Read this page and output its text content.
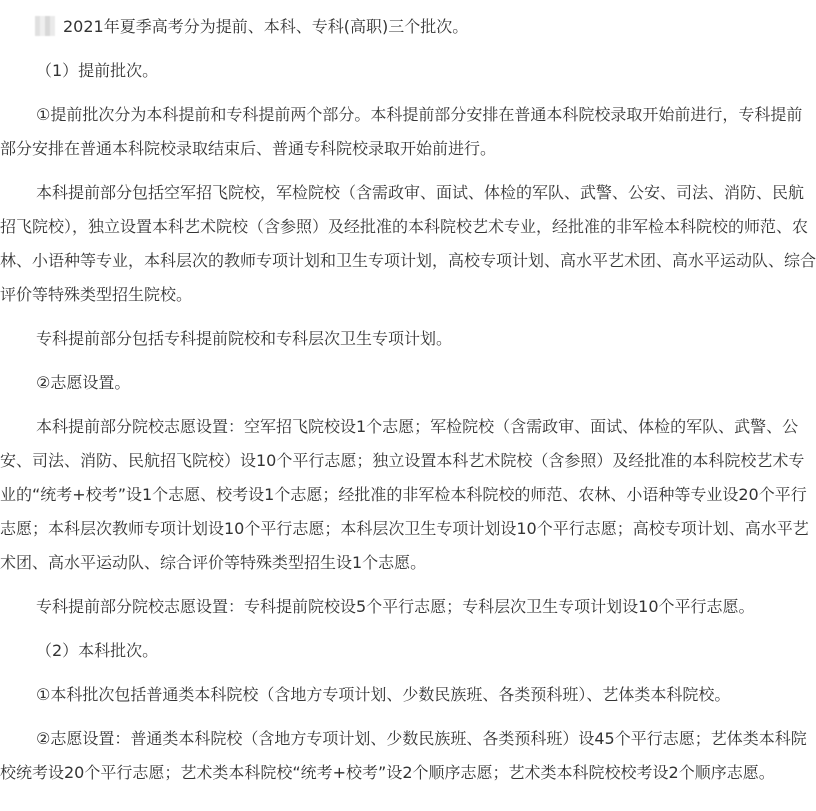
2021年夏季高考分为提前、本科、专科(高职)三个批次。

（1）提前批次。

①提前批次分为本科提前和专科提前两个部分。本科提前部分安排在普通本科院校录取开始前进行，专科提前部分安排在普通本科院校录取结束后、普通专科院校录取开始前进行。

本科提前部分包括空军招飞院校，军检院校（含需政审、面试、体检的军队、武警、公安、司法、消防、民航招飞院校），独立设置本科艺术院校（含参照）及经批准的本科院校艺术专业，经批准的非军检本科院校的师范、农林、小语种等专业，本科层次的教师专项计划和卫生专项计划，高校专项计划、高水平艺术团、高水平运动队、综合评价等特殊类型招生院校。

专科提前部分包括专科提前院校和专科层次卫生专项计划。

②志愿设置。

本科提前部分院校志愿设置：空军招飞院校设1个志愿；军检院校（含需政审、面试、体检的军队、武警、公安、司法、消防、民航招飞院校）设10个平行志愿；独立设置本科艺术院校（含参照）及经批准的本科院校艺术专业的“统考+校考”设1个志愿、校考设1个志愿；经批准的非军检本科院校的师范、农林、小语种等专业设20个平行志愿；本科层次教师专项计划设10个平行志愿；本科层次卫生专项计划设10个平行志愿；高校专项计划、高水平艺术团、高水平运动队、综合评价等特殊类型招生设1个志愿。

专科提前部分院校志愿设置：专科提前院校设5个平行志愿；专科层次卫生专项计划设10个平行志愿。

（2）本科批次。

①本科批次包括普通类本科院校（含地方专项计划、少数民族班、各类预科班）、艺体类本科院校。

②志愿设置：普通类本科院校（含地方专项计划、少数民族班、各类预科班）设45个平行志愿；艺体类本科院校统考设20个平行志愿；艺术类本科院校“统考+校考”设2个顺序志愿；艺术类本科院校校考设2个顺序志愿。
